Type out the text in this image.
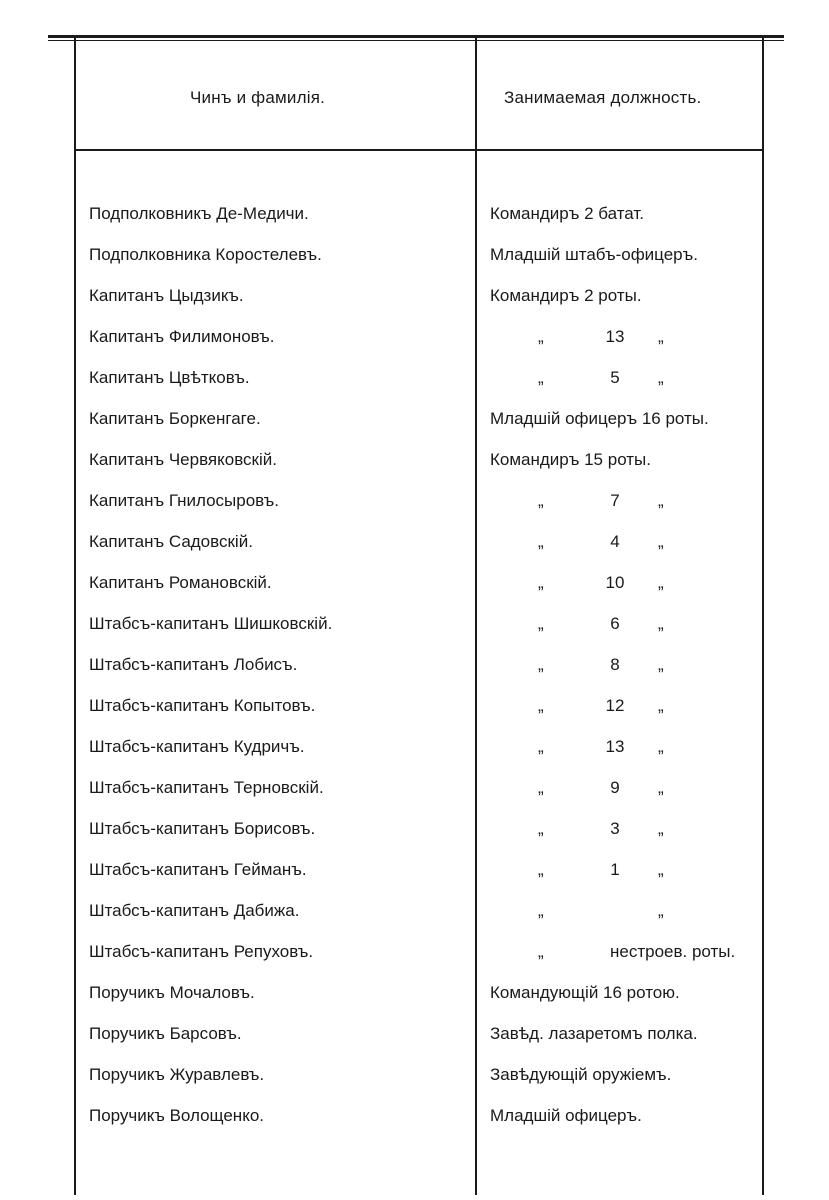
Чинъ и фамилія.	Занимаемая должность.
Подполковникъ Де-Медичи.	Командиръ 2 батат.
Подполковника Коростелевъ.	Младшій штабъ-офицеръ.
Капитанъ Цыдзикъ.	Командиръ 2 роты.
Капитанъ Филимоновъ.	„	13	„
Капитанъ Цвѣтковъ.	„	5	„
Капитанъ Боркенгаге.	Младшій офицеръ 16 роты.
Капитанъ Червяковскій.	Командиръ 15 роты.
Капитанъ Гнилосыровъ.	„	7	„
Капитанъ Садовскій.	„	4	„
Капитанъ Романовскій.	„	10	„
Штабсъ-капитанъ Шишковскій.	„	6	„
Штабсъ-капитанъ Лобисъ.	„	8	„
Штабсъ-капитанъ Копытовъ.	„	12	„
Штабсъ-капитанъ Кудричъ.	„	13	„
Штабсъ-капитанъ Терновскій.	„	9	„
Штабсъ-капитанъ Борисовъ.	„	3	„
Штабсъ-капитанъ Гейманъ.	„	1	„
Штабсъ-капитанъ Дабижа.	„	„
Штабсъ-капитанъ Репуховъ.	„	нестроев. роты.
Поручикъ Мочаловъ.	Командующій 16 ротою.
Поручикъ Барсовъ.	Завѣд. лазаретомъ полка.
Поручикъ Журавлевъ.	Завѣдующій оружіемъ.
Поручикъ Волощенко.	Младшій офицеръ.
